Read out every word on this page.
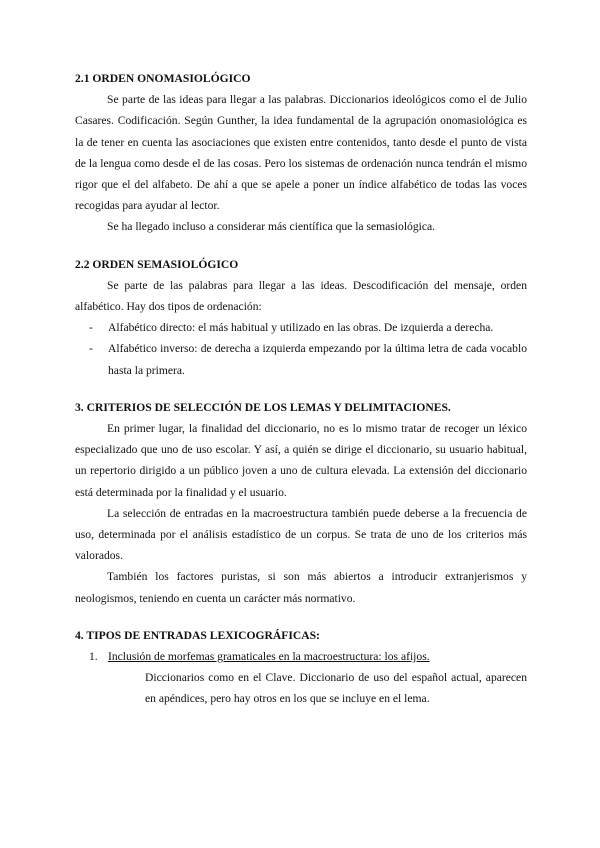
2.1 ORDEN ONOMASIOLÓGICO

Se parte de las ideas para llegar a las palabras. Diccionarios ideológicos como el de Julio Casares. Codificación. Según Gunther, la idea fundamental de la agrupación onomasiológica es la de tener en cuenta las asociaciones que existen entre contenidos, tanto desde el punto de vista de la lengua como desde el de las cosas. Pero los sistemas de ordenación nunca tendrán el mismo rigor que el del alfabeto. De ahí a que se apele a poner un índice alfabético de todas las voces recogidas para ayudar al lector.

Se ha llegado incluso a considerar más científica que la semasiológica.

2.2 ORDEN SEMASIOLÓGICO

Se parte de las palabras para llegar a las ideas. Descodificación del mensaje, orden alfabético. Hay dos tipos de ordenación:

- Alfabético directo: el más habitual y utilizado en las obras. De izquierda a derecha.
- Alfabético inverso: de derecha a izquierda empezando por la última letra de cada vocablo hasta la primera.
3. CRITERIOS DE SELECCIÓN DE LOS LEMAS Y DELIMITACIONES.

En primer lugar, la finalidad del diccionario, no es lo mismo tratar de recoger un léxico especializado que uno de uso escolar. Y así, a quién se dirige el diccionario, su usuario habitual, un repertorio dirigido a un público joven a uno de cultura elevada. La extensión del diccionario está determinada por la finalidad y el usuario.

La selección de entradas en la macroestructura también puede deberse a la frecuencia de uso, determinada por el análisis estadístico de un corpus. Se trata de uno de los criterios más valorados.

También los factores puristas, si son más abiertos a introducir extranjerismos y neologismos, teniendo en cuenta un carácter más normativo.

4. TIPOS DE ENTRADAS LEXICOGRÁFICAS:
1. Inclusión de morfemas gramaticales en la macroestructura: los afijos.

Diccionarios como en el Clave. Diccionario de uso del español actual, aparecen en apéndices, pero hay otros en los que se incluye en el lema.
